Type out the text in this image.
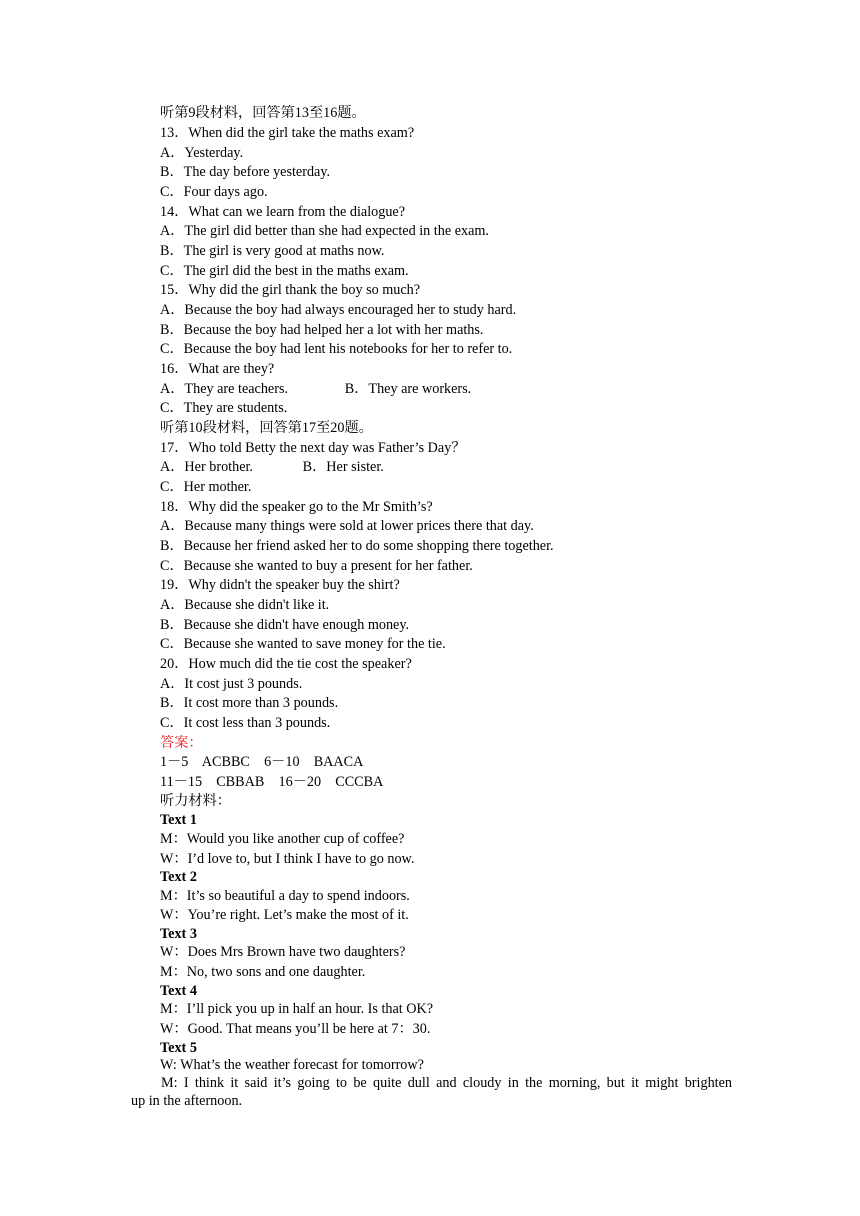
听第9段材料，回答第13至16题。
13．When did the girl take the maths exam?
A．Yesterday.
B．The day before yesterday.
C．Four days ago.
14．What can we learn from the dialogue?
A．The girl did better than she had expected in the exam.
B．The girl is very good at maths now.
C．The girl did the best in the maths exam.
15．Why did the girl thank the boy so much?
A．Because the boy had always encouraged her to study hard.
B．Because the boy had helped her a lot with her maths.
C．Because the boy had lent his notebooks for her to refer to.
16．What are they?
A．They are teachers.                B．They are workers.
C．They are students.
听第10段材料，回答第17至20题。
17．Who told Betty the next day was Father’s Day？
A．Her brother.              B．Her sister.
C．Her mother.
18．Why did the speaker go to the Mr Smith’s?
A．Because many things were sold at lower prices there that day.
B．Because her friend asked her to do some shopping there together.
C．Because she wanted to buy a present for her father.
19．Why didn't the speaker buy the shirt?
A．Because she didn't like it.
B．Because she didn't have enough money.
C．Because she wanted to save money for the tie.
20．How much did the tie cost the speaker?
A．It cost just 3 pounds.
B．It cost more than 3 pounds.
C．It cost less than 3 pounds.
答案：
1－5    ACBBC    6－10    BAACA
11－15    CBBAB    16－20    CCCBA
听力材料：
Text 1
M：Would you like another cup of coffee?
W：I’d love to, but I think I have to go now.
Text 2
M：It’s so beautiful a day to spend indoors.
W：You’re right. Let’s make the most of it.
Text 3
W：Does Mrs Brown have two daughters?
M：No, two sons and one daughter.
Text 4
M：I’ll pick you up in half an hour. Is that OK?
W：Good. That means you’ll be here at 7：30.
Text 5
W: What’s the weather forecast for tomorrow?
M: I think it said it’s going to be quite dull and cloudy in the morning, but it might brighten
up in the afternoon.
